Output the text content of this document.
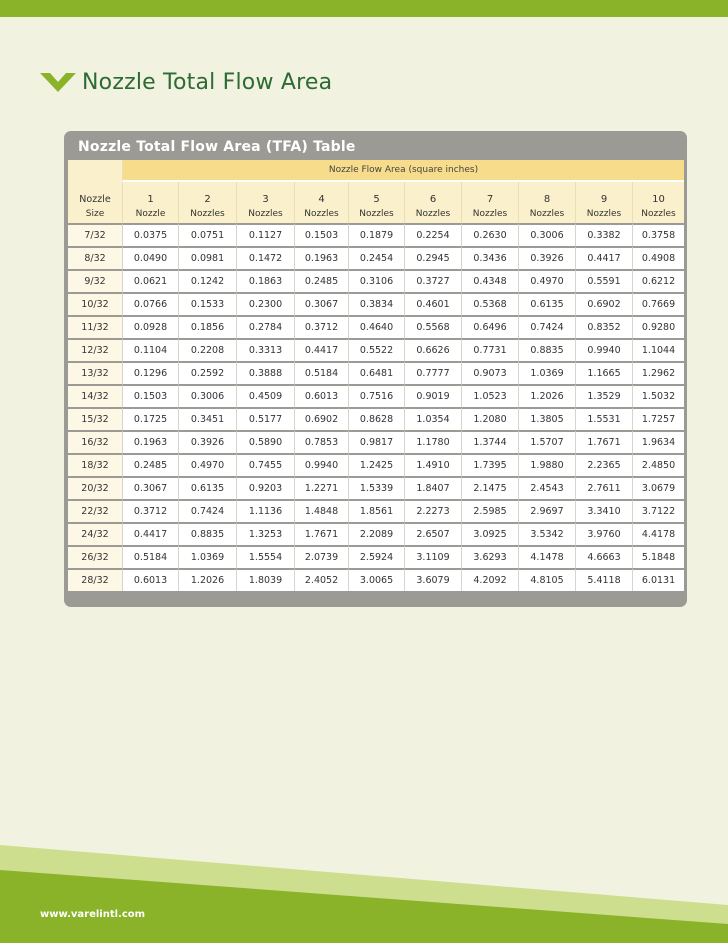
Nozzle Total Flow Area
Nozzle Total Flow Area (TFA) Table
	Nozzle Flow Area (square inches)									
Nozzle	1	2	3	4	5	6	7	8	9	10
Size	Nozzle	Nozzles	Nozzles	Nozzles	Nozzles	Nozzles	Nozzles	Nozzles	Nozzles	Nozzles
7/32	0.0375	0.0751	0.1127	0.1503	0.1879	0.2254	0.2630	0.3006	0.3382	0.3758
8/32	0.0490	0.0981	0.1472	0.1963	0.2454	0.2945	0.3436	0.3926	0.4417	0.4908
9/32	0.0621	0.1242	0.1863	0.2485	0.3106	0.3727	0.4348	0.4970	0.5591	0.6212
10/32	0.0766	0.1533	0.2300	0.3067	0.3834	0.4601	0.5368	0.6135	0.6902	0.7669
11/32	0.0928	0.1856	0.2784	0.3712	0.4640	0.5568	0.6496	0.7424	0.8352	0.9280
12/32	0.1104	0.2208	0.3313	0.4417	0.5522	0.6626	0.7731	0.8835	0.9940	1.1044
13/32	0.1296	0.2592	0.3888	0.5184	0.6481	0.7777	0.9073	1.0369	1.1665	1.2962
14/32	0.1503	0.3006	0.4509	0.6013	0.7516	0.9019	1.0523	1.2026	1.3529	1.5032
15/32	0.1725	0.3451	0.5177	0.6902	0.8628	1.0354	1.2080	1.3805	1.5531	1.7257
16/32	0.1963	0.3926	0.5890	0.7853	0.9817	1.1780	1.3744	1.5707	1.7671	1.9634
18/32	0.2485	0.4970	0.7455	0.9940	1.2425	1.4910	1.7395	1.9880	2.2365	2.4850
20/32	0.3067	0.6135	0.9203	1.2271	1.5339	1.8407	2.1475	2.4543	2.7611	3.0679
22/32	0.3712	0.7424	1.1136	1.4848	1.8561	2.2273	2.5985	2.9697	3.3410	3.7122
24/32	0.4417	0.8835	1.3253	1.7671	2.2089	2.6507	3.0925	3.5342	3.9760	4.4178
26/32	0.5184	1.0369	1.5554	2.0739	2.5924	3.1109	3.6293	4.1478	4.6663	5.1848
28/32	0.6013	1.2026	1.8039	2.4052	3.0065	3.6079	4.2092	4.8105	5.4118	6.0131
www.varelintl.com
